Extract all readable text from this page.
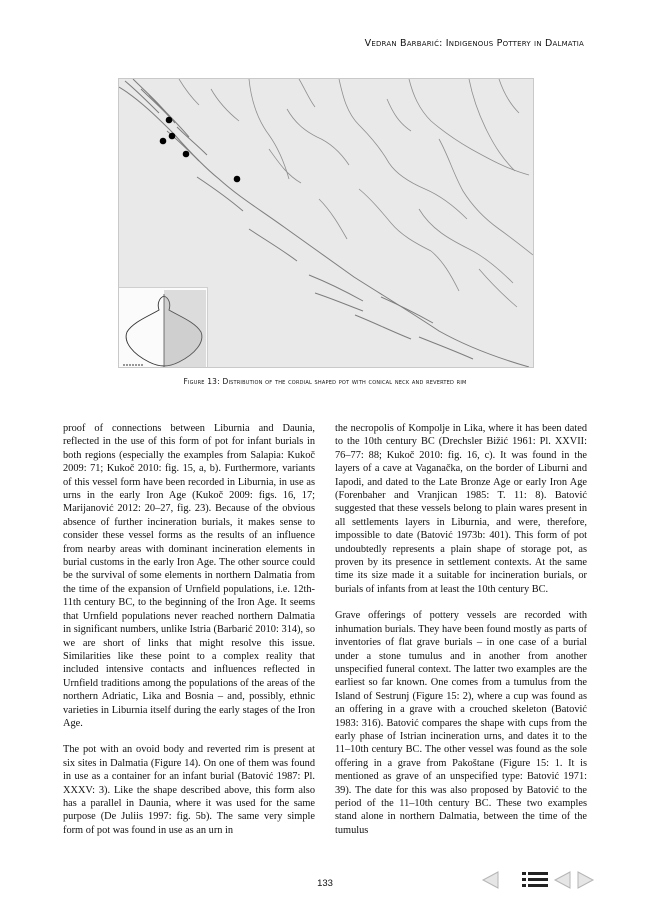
Vedran Barbarić: Indigenous Pottery in Dalmatia
Figure 13: Distribution of the cordial shaped pot with conical neck and reverted rim

proof of connections between Liburnia and Daunia, reflected in the use of this form of pot for infant burials in both regions (especially the examples from Salapia: Kukoč 2009: 71; Kukoč 2010: fig. 15, a, b). Furthermore, variants of this vessel form have been recorded in Liburnia, in use as urns in the early Iron Age (Kukoč 2009: figs. 16, 17; Marijanović 2012: 20–27, fig. 23). Because of the obvious absence of further incineration burials, it makes sense to consider these vessel forms as the results of an influence from nearby areas with dominant incineration elements in burial customs in the early Iron Age. The other source could be the survival of some elements in northern Dalmatia from the time of the expansion of Urnfield populations, i.e. 12th-11th century BC, to the beginning of the Iron Age. It seems that Urnfield populations never reached northern Dalmatia in significant numbers, unlike Istria (Barbarić 2010: 314), so we are short of links that might resolve this issue. Similarities like these point to a complex reality that included intensive contacts and influences reflected in Urnfield traditions among the populations of the areas of the northern Adriatic, Lika and Bosnia – and, possibly, ethnic varieties in Liburnia itself during the early stages of the Iron Age.

The pot with an ovoid body and reverted rim is present at six sites in Dalmatia (Figure 14). On one of them was found in use as a container for an infant burial (Batović 1987: Pl. XXXV: 3). Like the shape described above, this form also has a parallel in Daunia, where it was used for the same purpose (De Juliis 1997: fig. 5b). The same very simple form of pot was found in use as an urn in

the necropolis of Kompolje in Lika, where it has been dated to the 10th century BC (Drechsler Bižić 1961: Pl. XXVII: 76–77: 88; Kukoč 2010: fig. 16, c). It was found in the layers of a cave at Vaganačka, on the border of Liburni and Iapodi, and dated to the Late Bronze Age or early Iron Age (Forenbaher and Vranjican 1985: T. 11: 8). Batović suggested that these vessels belong to plain wares present in all settlements layers in Liburnia, and were, therefore, impossible to date (Batović 1973b: 401). This form of pot undoubtedly represents a plain shape of storage pot, as proven by its presence in settlement contexts. At the same time its size made it a suitable for incineration burials, or burials of infants from at least the 10th century BC.

Grave offerings of pottery vessels are recorded with inhumation burials. They have been found mostly as parts of inventories of flat grave burials – in one case of a burial under a stone tumulus and in another from another unspecified funeral context. The latter two examples are the earliest so far known. One comes from a tumulus from the Island of Sestrunj (Figure 15: 2), where a cup was found as an offering in a grave with a crouched skeleton (Batović 1983: 316). Batović compares the shape with cups from the early phase of Istrian incineration urns, and dates it to the 11–10th century BC. The other vessel was found as the sole offering in a grave from Pakoštane (Figure 15: 1. It is mentioned as grave of an unspecified type: Batović 1971: 39). The date for this was also proposed by Batović to the period of the 11–10th century BC. These two examples stand alone in northern Dalmatia, between the time of the tumulus

133
